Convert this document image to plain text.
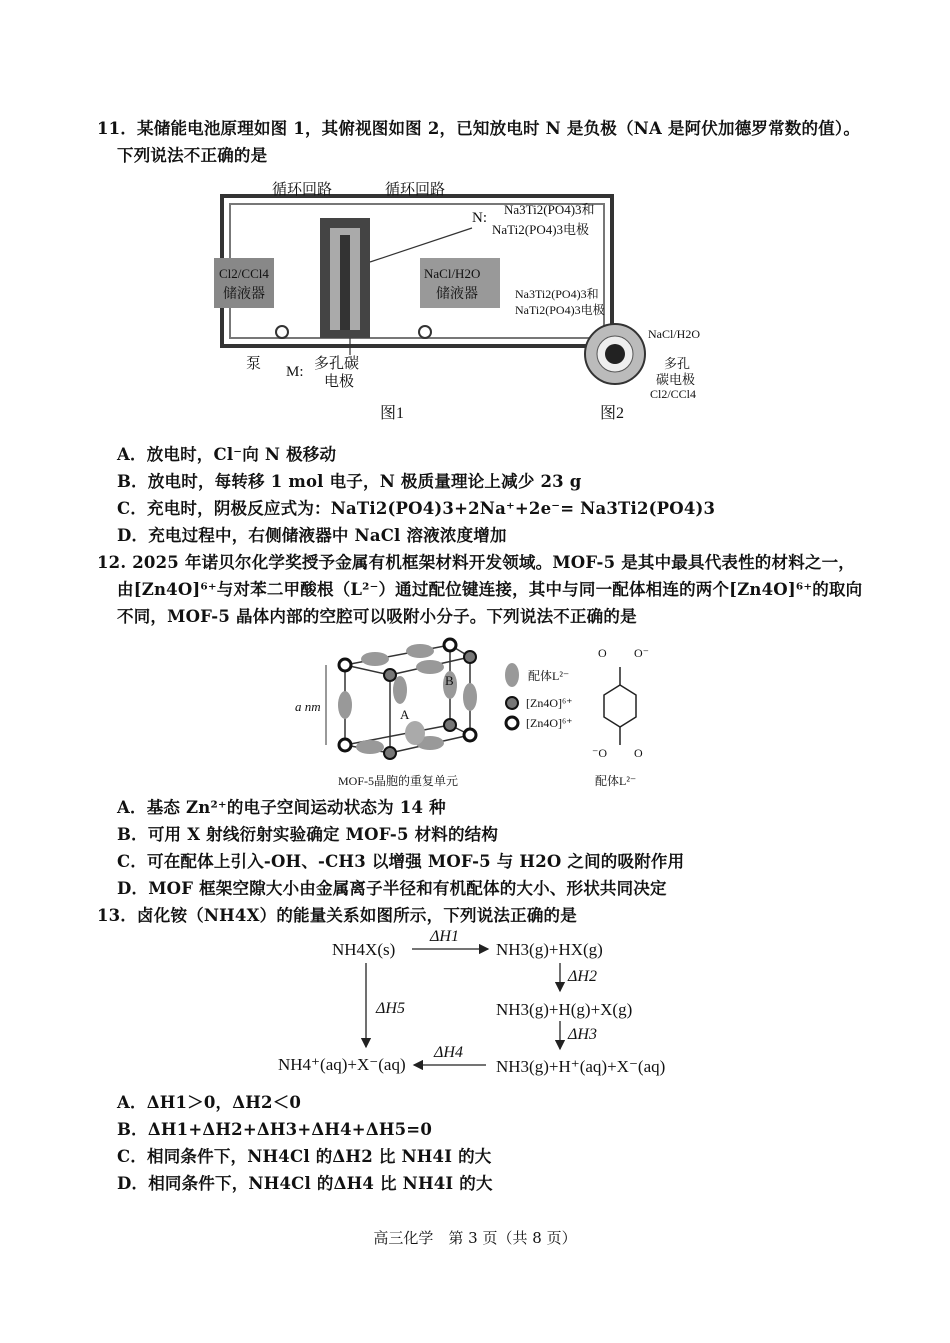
11．某储能电池原理如图 1，其俯视图如图 2，已知放电时 N 是负极（NA 是阿伏加德罗常数的值）。
下列说法不正确的是
循环回路	循环回路
Cl2/CCl4
储液器
NaCl/H2O
储液器
泵
N:
Na3Ti2(PO4)3和
NaTi2(PO4)3电极
M: 多孔碳
电极
图1
Na3Ti2(PO4)3和
NaTi2(PO4)3电极
NaCl/H2O
多孔
碳电极
Cl2/CCl4
图2
A．放电时，Cl⁻向 N 极移动
B．放电时，每转移 1 mol 电子，N 极质量理论上减少 23 g
C．充电时，阴极反应式为：NaTi2(PO4)3+2Na⁺+2e⁻= Na3Ti2(PO4)3
D．充电过程中，右侧储液器中 NaCl 溶液浓度增加
12. 2025 年诺贝尔化学奖授予金属有机框架材料开发领域。MOF-5 是其中最具代表性的材料之一，
由[Zn4O]⁶⁺与对苯二甲酸根（L²⁻）通过配位键连接，其中与同一配体相连的两个[Zn4O]⁶⁺的取向
不同，MOF-5 晶体内部的空腔可以吸附小分子。下列说法不正确的是
A
B
a nm
配体L²⁻
[Zn4O]⁶⁺
[Zn4O]⁶⁺
O O⁻
⁻O O
MOF-5晶胞的重复单元	配体L²⁻
A．基态 Zn²⁺的电子空间运动状态为 14 种
B．可用 X 射线衍射实验确定 MOF-5 材料的结构
C．可在配体上引入-OH、-CH3 以增强 MOF-5 与 H2O 之间的吸附作用
D．MOF 框架空隙大小由金属离子半径和有机配体的大小、形状共同决定
13．卤化铵（NH4X）的能量关系如图所示，下列说法正确的是
NH4X(s)
ΔH1
NH3(g)+HX(g)
ΔH2
ΔH5	NH3(g)+H(g)+X(g)
ΔH3
NH4⁺(aq)+X⁻(aq)
ΔH4
NH3(g)+H⁺(aq)+X⁻(aq)
A．ΔH1＞0，ΔH2＜0
B．ΔH1+ΔH2+ΔH3+ΔH4+ΔH5=0
C．相同条件下，NH4Cl 的ΔH2 比 NH4I 的大
D．相同条件下，NH4Cl 的ΔH4 比 NH4I 的大
高三化学　第 3 页（共 8 页）
